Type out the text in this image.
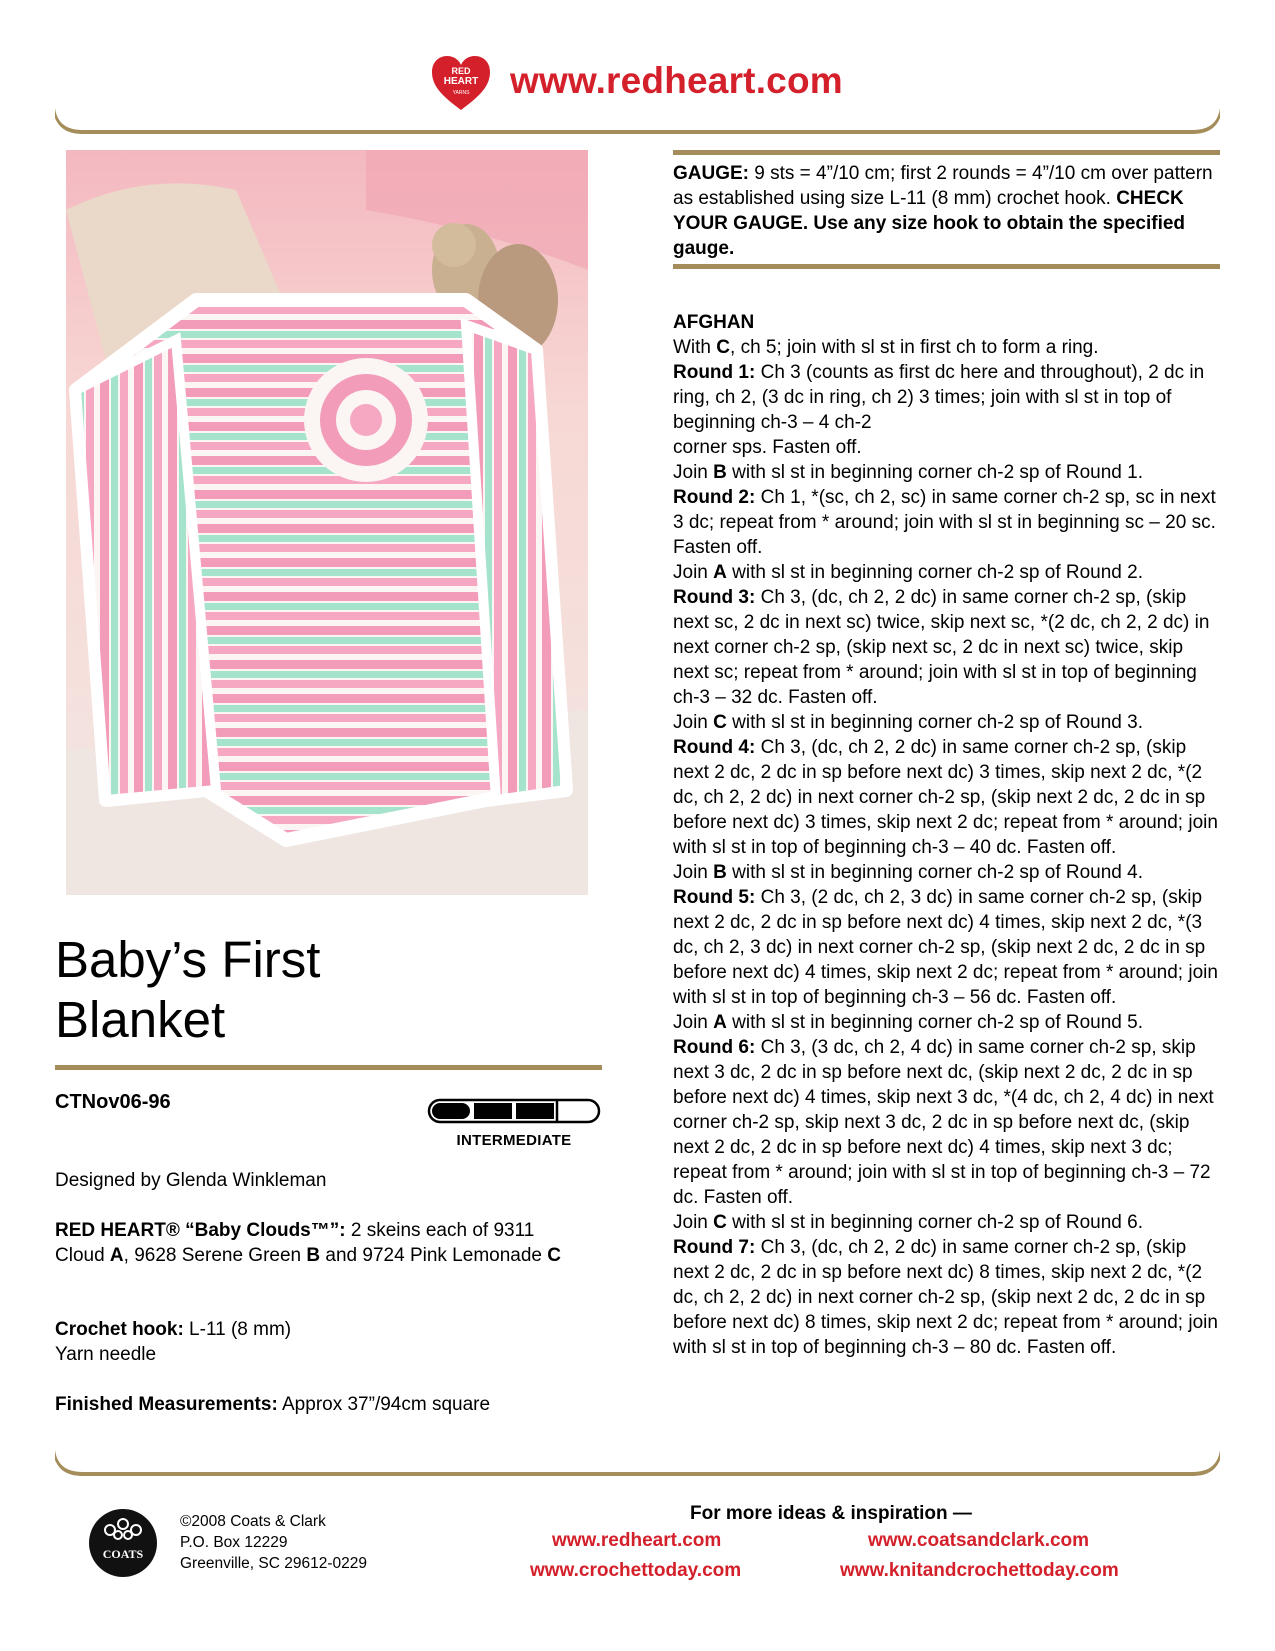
RED
HEART
YARNS www.redheart.com
Baby’s First
Blanket
CTNov06-96
INTERMEDIATE

Designed by Glenda Winkleman

RED HEART® “Baby Clouds™”: 2 skeins each of 9311 Cloud A, 9628 Serene Green B and 9724 Pink Lemonade C

Crochet hook: L-11 (8 mm)
Yarn needle

Finished Measurements: Approx 37”/94cm square

GAUGE: 9 sts = 4”/10 cm; first 2 rounds = 4”/10 cm over pattern as established using size L-11 (8 mm) crochet hook. CHECK YOUR GAUGE. Use any size hook to obtain the specified gauge.

AFGHAN

With C, ch 5; join with sl st in first ch to form a ring.

Round 1: Ch 3 (counts as first dc here and throughout), 2 dc in ring, ch 2, (3 dc in ring, ch 2) 3 times; join with sl st in top of beginning ch-3 – 4 ch-2

corner sps. Fasten off.

Join B with sl st in beginning corner ch-2 sp of Round 1.

Round 2: Ch 1, *(sc, ch 2, sc) in same corner ch-2 sp, sc in next 3 dc; repeat from * around; join with sl st in beginning sc – 20 sc. Fasten off.

Join A with sl st in beginning corner ch-2 sp of Round 2.

Round 3: Ch 3, (dc, ch 2, 2 dc) in same corner ch-2 sp, (skip next sc, 2 dc in next sc) twice, skip next sc, *(2 dc, ch 2, 2 dc) in next corner ch-2 sp, (skip next sc, 2 dc in next sc) twice, skip next sc; repeat from * around; join with sl st in top of beginning ch-3 – 32 dc. Fasten off.

Join C with sl st in beginning corner ch-2 sp of Round 3.

Round 4: Ch 3, (dc, ch 2, 2 dc) in same corner ch-2 sp, (skip next 2 dc, 2 dc in sp before next dc) 3 times, skip next 2 dc, *(2 dc, ch 2, 2 dc) in next corner ch-2 sp, (skip next 2 dc, 2 dc in sp before next dc) 3 times, skip next 2 dc; repeat from * around; join with sl st in top of beginning ch-3 – 40 dc. Fasten off.

Join B with sl st in beginning corner ch-2 sp of Round 4.

Round 5: Ch 3, (2 dc, ch 2, 3 dc) in same corner ch-2 sp, (skip next 2 dc, 2 dc in sp before next dc) 4 times, skip next 2 dc, *(3 dc, ch 2, 3 dc) in next corner ch-2 sp, (skip next 2 dc, 2 dc in sp before next dc) 4 times, skip next 2 dc; repeat from * around; join with sl st in top of beginning ch-3 – 56 dc. Fasten off.

Join A with sl st in beginning corner ch-2 sp of Round 5.

Round 6: Ch 3, (3 dc, ch 2, 4 dc) in same corner ch-2 sp, skip next 3 dc, 2 dc in sp before next dc, (skip next 2 dc, 2 dc in sp before next dc) 4 times, skip next 3 dc, *(4 dc, ch 2, 4 dc) in next corner ch-2 sp, skip next 3 dc, 2 dc in sp before next dc, (skip next 2 dc, 2 dc in sp before next dc) 4 times, skip next 3 dc; repeat from * around; join with sl st in top of beginning ch-3 – 72 dc. Fasten off.

Join C with sl st in beginning corner ch-2 sp of Round 6.

Round 7: Ch 3, (dc, ch 2, 2 dc) in same corner ch-2 sp, (skip next 2 dc, 2 dc in sp before next dc) 8 times, skip next 2 dc, *(2 dc, ch 2, 2 dc) in next corner ch-2 sp, (skip next 2 dc, 2 dc in sp before next dc) 8 times, skip next 2 dc; repeat from * around; join with sl st in top of beginning ch-3 – 80 dc. Fasten off.

COATS
©2008 Coats & Clark
P.O. Box 12229
Greenville, SC 29612-0229
For more ideas & inspiration —
www.redheart.com	www.coatsandclark.com
www.crochettoday.com	www.knitandcrochettoday.com
